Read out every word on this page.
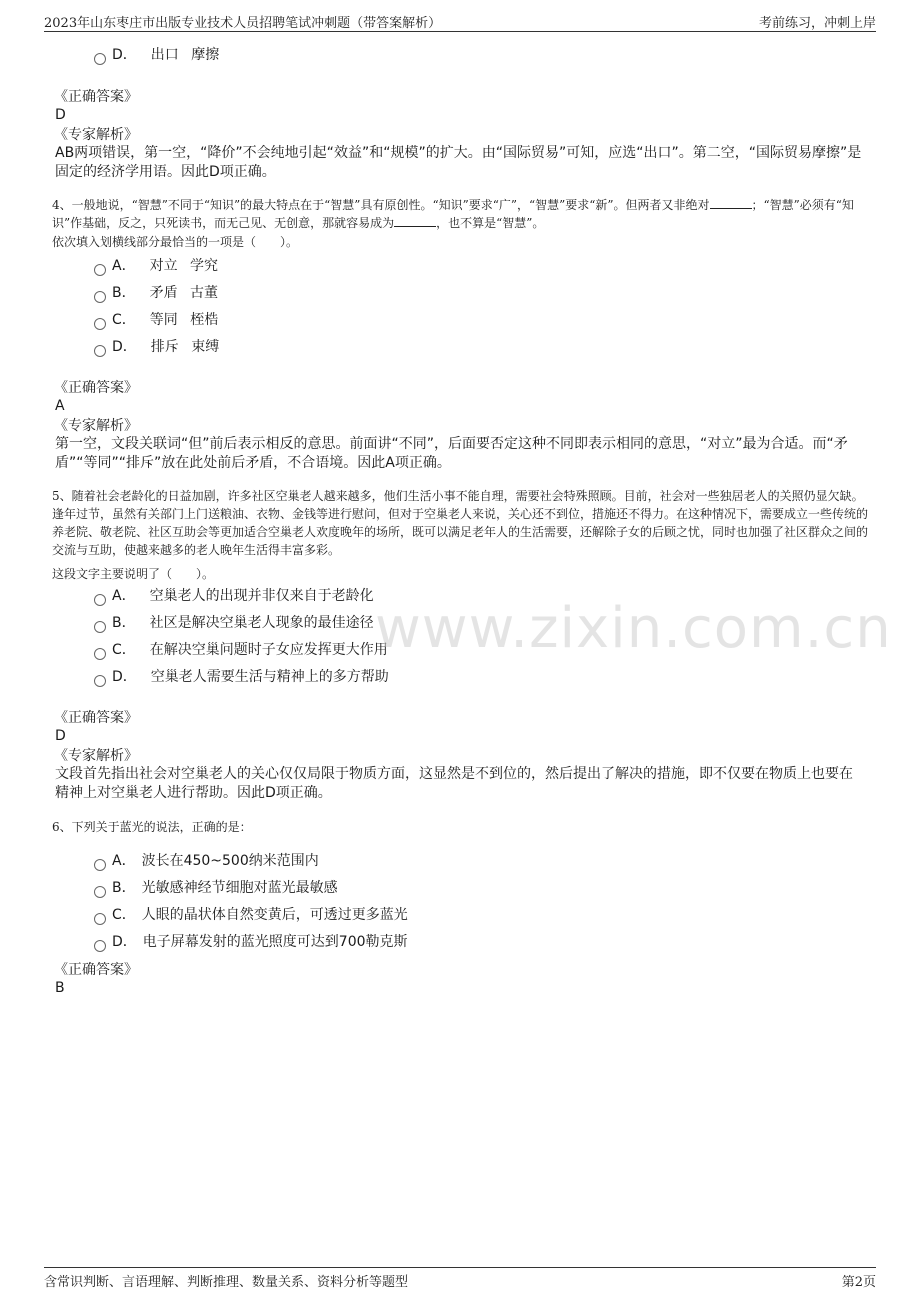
2023年山东枣庄市出版专业技术人员招聘笔试冲刺题（带答案解析）	考前练习，冲刺上岸
D． 出口 摩擦
《正确答案》
D
《专家解析》
AB两项错误，第一空，“降价”不会纯地引起“效益”和“规模”的扩大。由“国际贸易”可知，应选“出口”。第二空，“国际贸易摩擦”是固定的经济学用语。因此D项正确。
4、一般地说，“智慧”不同于“知识”的最大特点在于“智慧”具有原创性。“知识”要求“广”，“智慧”要求“新”。但两者又非绝对	；“智慧”必须有“知识”作基础，反之，只死读书，而无己见、无创意，那就容易成为	，也不算是“智慧”。
依次填入划横线部分最恰当的一项是（　　）。
A． 对立 学究
B． 矛盾 古董
C． 等同 桎梏
D． 排斥 束缚
《正确答案》
A
《专家解析》
第一空，文段关联词“但”前后表示相反的意思。前面讲“不同”，后面要否定这种不同即表示相同的意思，“对立”最为合适。而“矛盾”“等同”“排斥”放在此处前后矛盾，不合语境。因此A项正确。
5、随着社会老龄化的日益加剧，许多社区空巢老人越来越多，他们生活小事不能自理，需要社会特殊照顾。目前，社会对一些独居老人的关照仍显欠缺。逢年过节，虽然有关部门上门送粮油、衣物、金钱等进行慰问，但对于空巢老人来说，关心还不到位，措施还不得力。在这种情况下，需要成立一些传统的养老院、敬老院、社区互助会等更加适合空巢老人欢度晚年的场所，既可以满足老年人的生活需要，还解除子女的后顾之忧，同时也加强了社区群众之间的交流与互助，使越来越多的老人晚年生活得丰富多彩。
这段文字主要说明了（　　）。
A． 空巢老人的出现并非仅来自于老龄化
B． 社区是解决空巢老人现象的最佳途径
C． 在解决空巢问题时子女应发挥更大作用
D． 空巢老人需要生活与精神上的多方帮助
《正确答案》
D
《专家解析》
文段首先指出社会对空巢老人的关心仅仅局限于物质方面，这显然是不到位的，然后提出了解决的措施，即不仅要在物质上也要在精神上对空巢老人进行帮助。因此D项正确。
www.zixin.com.cn
6、下列关于蓝光的说法，正确的是：
A． 波长在450~500纳米范围内
B． 光敏感神经节细胞对蓝光最敏感
C． 人眼的晶状体自然变黄后，可透过更多蓝光
D． 电子屏幕发射的蓝光照度可达到700勒克斯
《正确答案》
B
含常识判断、言语理解、判断推理、数量关系、资料分析等题型	第2页
